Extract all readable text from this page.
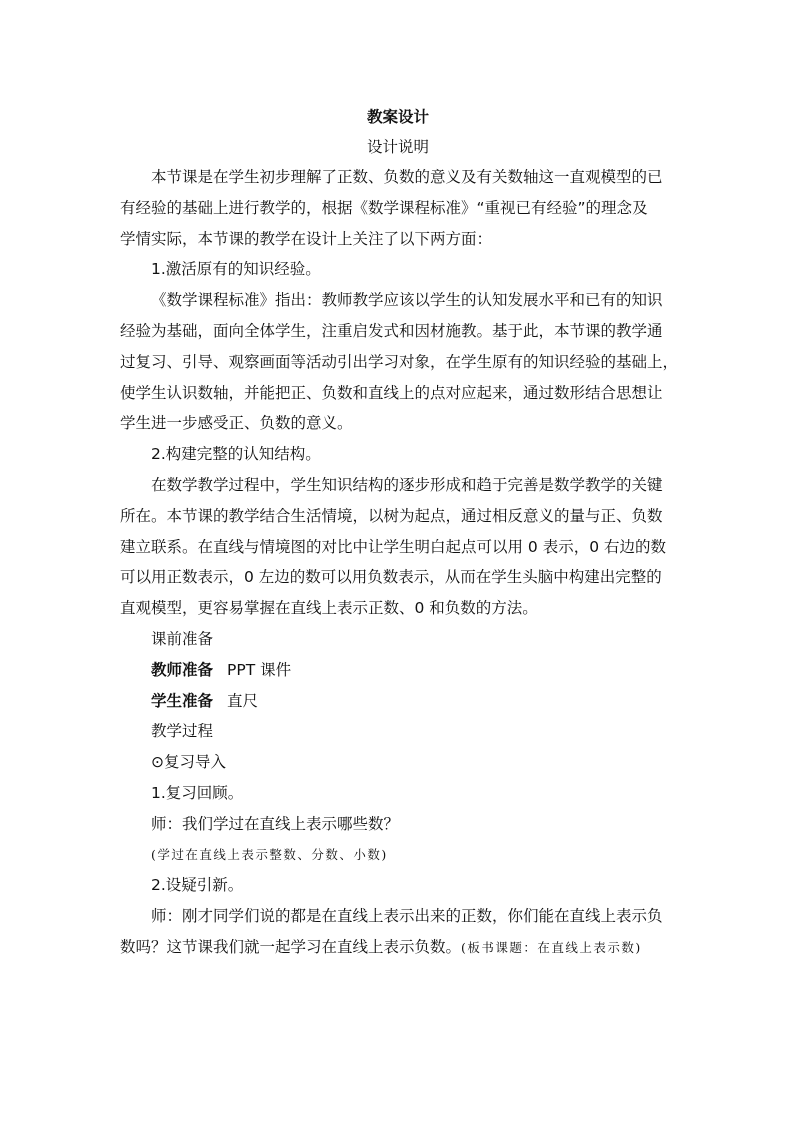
教案设计
设计说明
本节课是在学生初步理解了正数、负数的意义及有关数轴这一直观模型的已
有经验的基础上进行教学的，根据《数学课程标准》“重视已有经验”的理念及
学情实际，本节课的教学在设计上关注了以下两方面：
1.激活原有的知识经验。
《数学课程标准》指出：教师教学应该以学生的认知发展水平和已有的知识
经验为基础，面向全体学生，注重启发式和因材施教。基于此，本节课的教学通
过复习、引导、观察画面等活动引出学习对象，在学生原有的知识经验的基础上，
使学生认识数轴，并能把正、负数和直线上的点对应起来，通过数形结合思想让
学生进一步感受正、负数的意义。
2.构建完整的认知结构。
在数学教学过程中，学生知识结构的逐步形成和趋于完善是数学教学的关键
所在。本节课的教学结合生活情境，以树为起点，通过相反意义的量与正、负数
建立联系。在直线与情境图的对比中让学生明白起点可以用 0 表示，0 右边的数
可以用正数表示，0 左边的数可以用负数表示，从而在学生头脑中构建出完整的
直观模型，更容易掌握在直线上表示正数、0 和负数的方法。
课前准备
教师准备 PPT 课件
学生准备 直尺
教学过程
⊙复习导入
1.复习回顾。
师：我们学过在直线上表示哪些数？
(学过在直线上表示整数、分数、小数)
2.设疑引新。
师：刚才同学们说的都是在直线上表示出来的正数，你们能在直线上表示负
数吗？这节课我们就一起学习在直线上表示负数。(板书课题：在直线上表示数)
